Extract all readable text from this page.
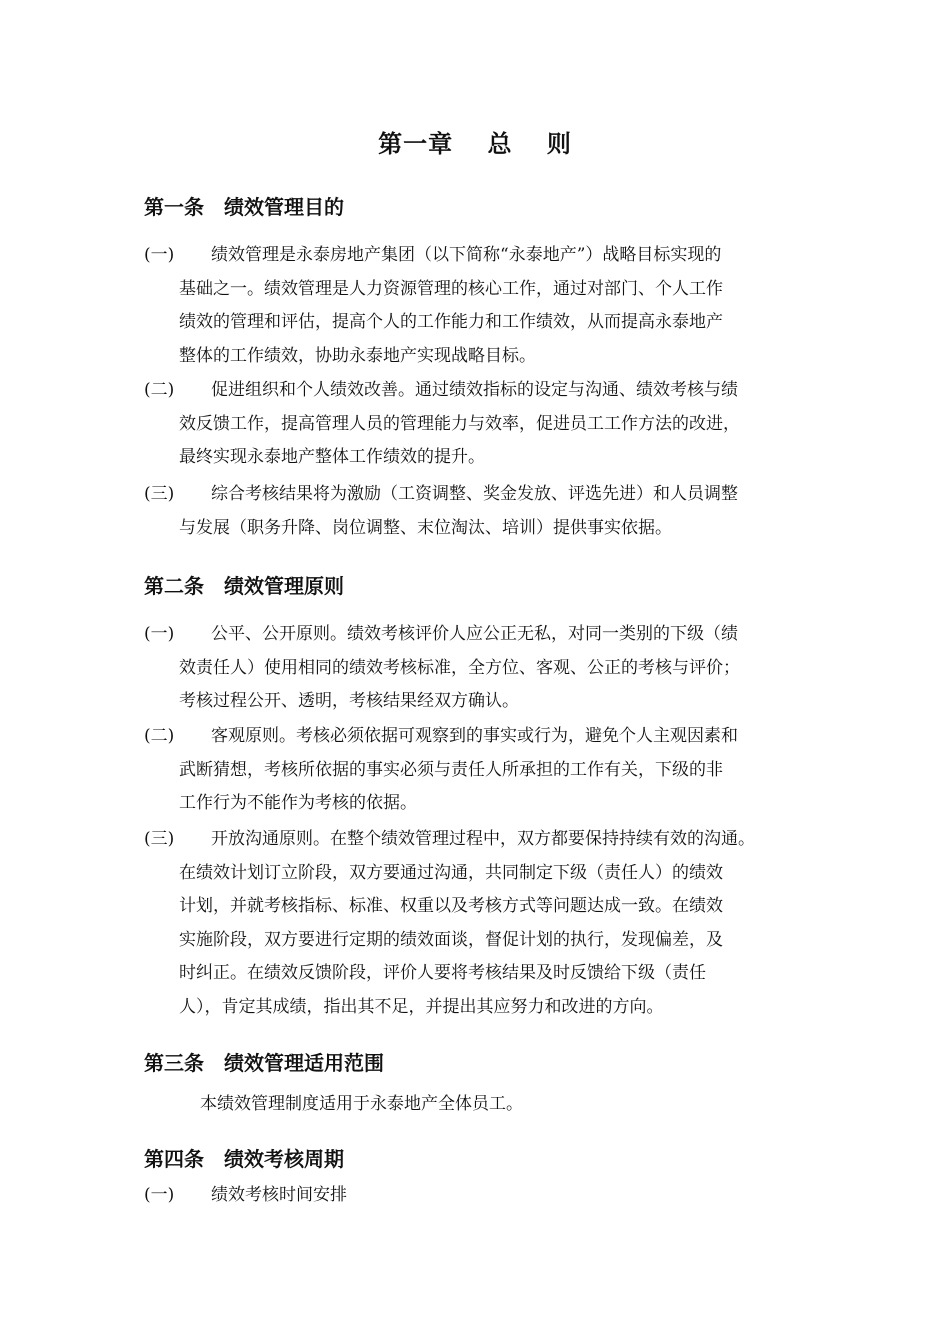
第一章　 总　 则
第一条　绩效管理目的
(一)	绩效管理是永泰房地产集团（以下简称“永泰地产”）战略目标实现的
基础之一。绩效管理是人力资源管理的核心工作，通过对部门、个人工作
绩效的管理和评估，提高个人的工作能力和工作绩效，从而提高永泰地产
整体的工作绩效，协助永泰地产实现战略目标。
(二)	促进组织和个人绩效改善。通过绩效指标的设定与沟通、绩效考核与绩
效反馈工作，提高管理人员的管理能力与效率，促进员工工作方法的改进，
最终实现永泰地产整体工作绩效的提升。
(三)	综合考核结果将为激励（工资调整、奖金发放、评选先进）和人员调整
与发展（职务升降、岗位调整、末位淘汰、培训）提供事实依据。
第二条　绩效管理原则
(一)	公平、公开原则。绩效考核评价人应公正无私，对同一类别的下级（绩
效责任人）使用相同的绩效考核标准，全方位、客观、公正的考核与评价；
考核过程公开、透明，考核结果经双方确认。
(二)	客观原则。考核必须依据可观察到的事实或行为，避免个人主观因素和
武断猜想，考核所依据的事实必须与责任人所承担的工作有关，下级的非
工作行为不能作为考核的依据。
(三)	开放沟通原则。在整个绩效管理过程中，双方都要保持持续有效的沟通。
在绩效计划订立阶段，双方要通过沟通，共同制定下级（责任人）的绩效
计划，并就考核指标、标准、权重以及考核方式等问题达成一致。在绩效
实施阶段，双方要进行定期的绩效面谈，督促计划的执行，发现偏差，及
时纠正。在绩效反馈阶段，评价人要将考核结果及时反馈给下级（责任
人），肯定其成绩，指出其不足，并提出其应努力和改进的方向。
第三条　绩效管理适用范围
本绩效管理制度适用于永泰地产全体员工。
第四条　绩效考核周期
(一)	绩效考核时间安排
